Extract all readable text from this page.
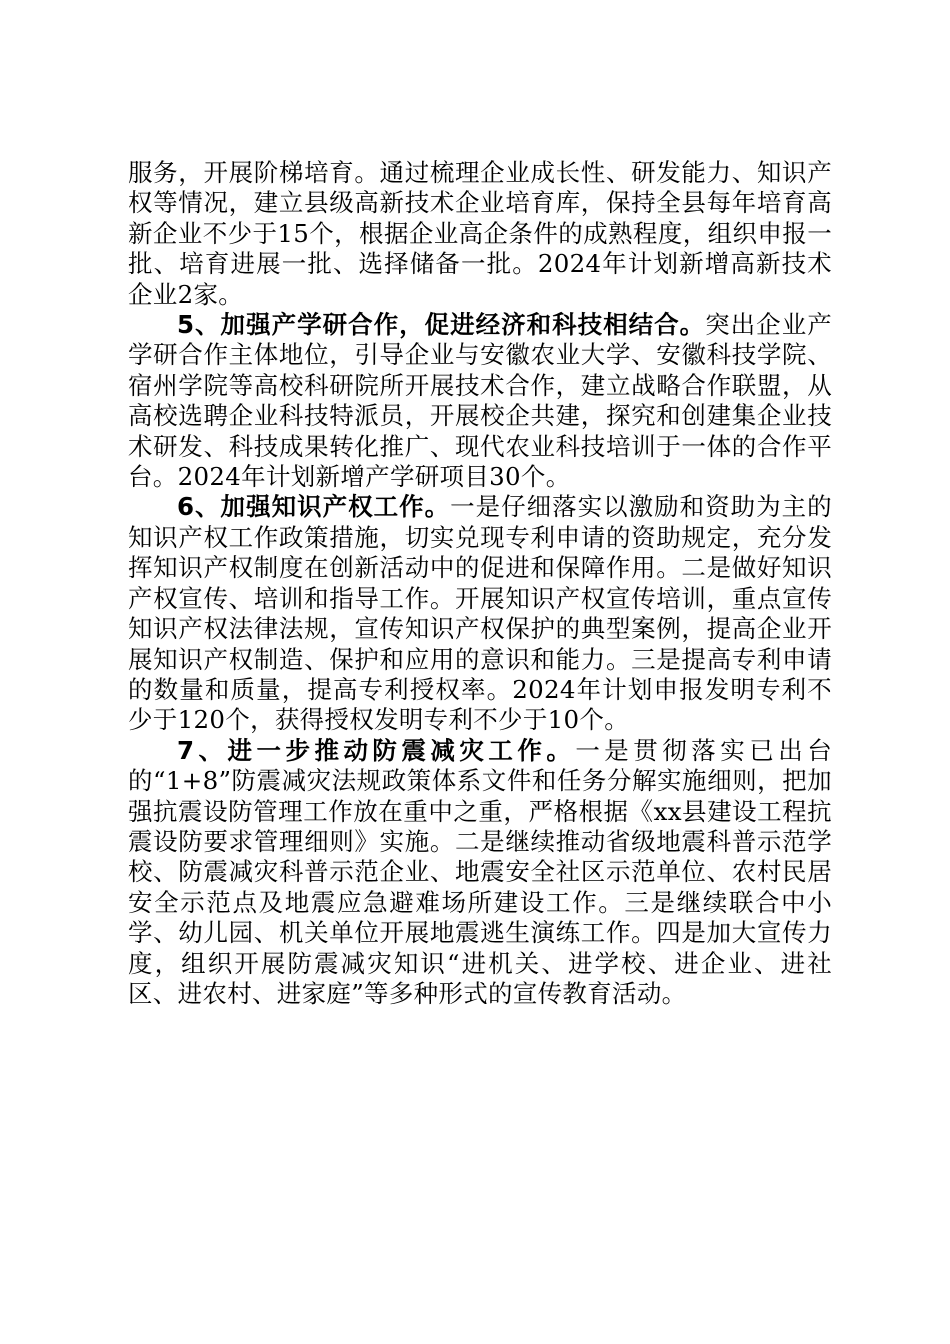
服务，开展阶梯培育。通过梳理企业成长性、研发能力、知识产权等情况，建立县级高新技术企业培育库，保持全县每年培育高新企业不少于15个，根据企业高企条件的成熟程度，组织申报一批、培育进展一批、选择储备一批。2024年计划新增高新技术企业2家。

5、加强产学研合作，促进经济和科技相结合。突出企业产学研合作主体地位，引导企业与安徽农业大学、安徽科技学院、宿州学院等高校科研院所开展技术合作，建立战略合作联盟，从高校选聘企业科技特派员，开展校企共建，探究和创建集企业技术研发、科技成果转化推广、现代农业科技培训于一体的合作平台。2024年计划新增产学研项目30个。

6、加强知识产权工作。一是仔细落实以激励和资助为主的知识产权工作政策措施，切实兑现专利申请的资助规定，充分发挥知识产权制度在创新活动中的促进和保障作用。二是做好知识产权宣传、培训和指导工作。开展知识产权宣传培训，重点宣传知识产权法律法规，宣传知识产权保护的典型案例，提高企业开展知识产权制造、保护和应用的意识和能力。三是提高专利申请的数量和质量，提高专利授权率。2024年计划申报发明专利不少于120个，获得授权发明专利不少于10个。

7、进一步推动防震减灾工作。一是贯彻落实已出台的“1+8”防震减灾法规政策体系文件和任务分解实施细则，把加强抗震设防管理工作放在重中之重，严格根据《xx县建设工程抗震设防要求管理细则》实施。二是继续推动省级地震科普示范学校、防震减灾科普示范企业、地震安全社区示范单位、农村民居安全示范点及地震应急避难场所建设工作。三是继续联合中小学、幼儿园、机关单位开展地震逃生演练工作。四是加大宣传力度，组织开展防震减灾知识“进机关、进学校、进企业、进社区、进农村、进家庭”等多种形式的宣传教育活动。
